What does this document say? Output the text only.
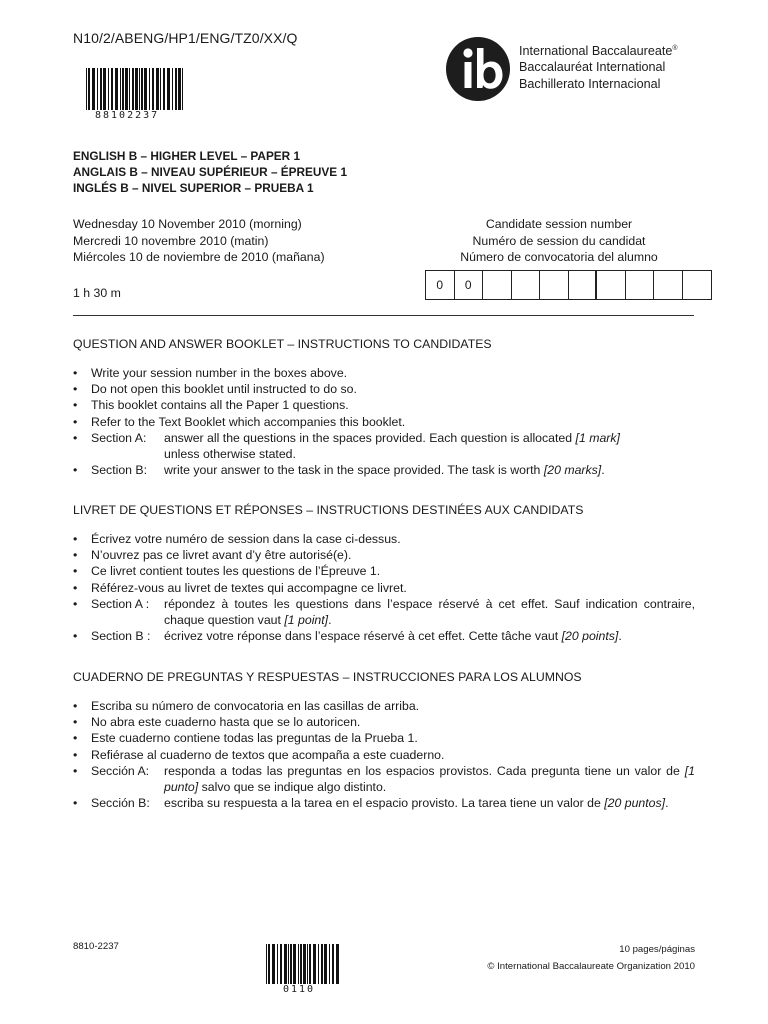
N10/2/ABENG/HP1/ENG/TZ0/XX/Q
88102237
International Baccalaureate®
Baccalauréat International
Bachillerato Internacional
ENGLISH B – HIGHER LEVEL – PAPER 1
ANGLAIS B – NIVEAU SUPÉRIEUR – ÉPREUVE 1
INGLÉS B – NIVEL SUPERIOR – PRUEBA 1
Wednesday 10 November 2010 (morning)
Mercredi 10 novembre 2010 (matin)
Miércoles 10 de noviembre de 2010 (mañana)
1 h 30 m
Candidate session number
Numéro de session du candidat
Número de convocatoria del alumno
0	0
QUESTION AND ANSWER BOOKLET – INSTRUCTIONS TO CANDIDATES
• Write your session number in the boxes above.
• Do not open this booklet until instructed to do so.
• This booklet contains all the Paper 1 questions.
• Refer to the Text Booklet which accompanies this booklet.
• Section A:	answer all the questions in the spaces provided. Each question is allocated [1 mark]
unless otherwise stated.
• Section B:	write your answer to the task in the space provided. The task is worth [20 marks].
LIVRET DE QUESTIONS ET RÉPONSES – INSTRUCTIONS DESTINÉES AUX CANDIDATS
• Écrivez votre numéro de session dans la case ci-dessus.
• N’ouvrez pas ce livret avant d’y être autorisé(e).
• Ce livret contient toutes les questions de l’Épreuve 1.
• Référez-vous au livret de textes qui accompagne ce livret.
• Section A :	répondez à toutes les questions dans l’espace réservé à cet effet. Sauf indication contraire, chaque question vaut [1 point].
• Section B :	écrivez votre réponse dans l’espace réservé à cet effet. Cette tâche vaut [20 points].
CUADERNO DE PREGUNTAS Y RESPUESTAS – INSTRUCCIONES PARA LOS ALUMNOS
• Escriba su número de convocatoria en las casillas de arriba.
• No abra este cuaderno hasta que se lo autoricen.
• Este cuaderno contiene todas las preguntas de la Prueba 1.
• Refiérase al cuaderno de textos que acompaña a este cuaderno.
• Sección A:	responda a todas las preguntas en los espacios provistos. Cada pregunta tiene un valor de [1 punto] salvo que se indique algo distinto.
• Sección B:	escriba su respuesta a la tarea en el espacio provisto. La tarea tiene un valor de [20 puntos].
8810-2237
0110
10 pages/páginas
© International Baccalaureate Organization 2010
